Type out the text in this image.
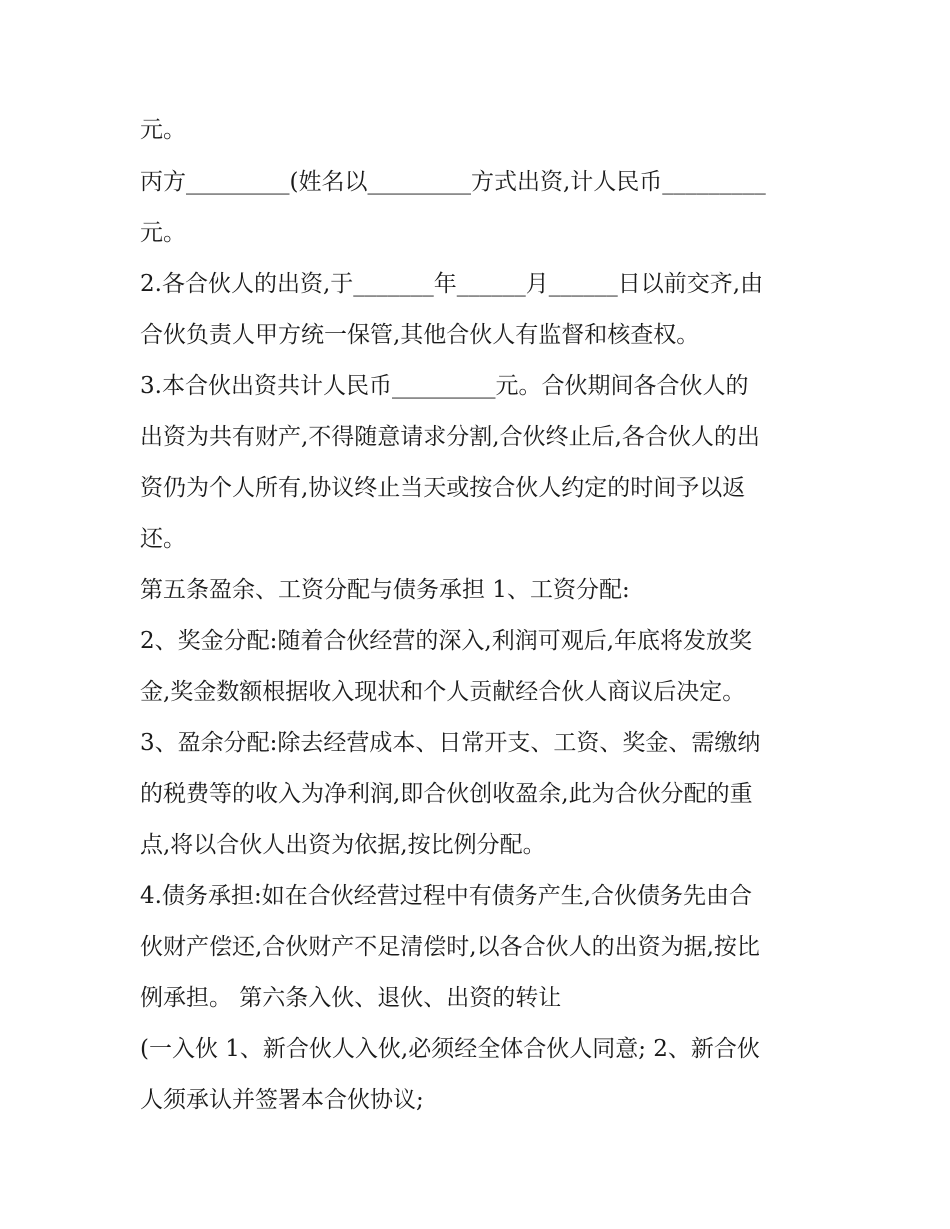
元。
丙方_________(姓名以_________方式出资,计人民币_________
元。
2.各合伙人的出资,于_______年______月______日以前交齐,由
合伙负责人甲方统一保管,其他合伙人有监督和核查权。
3.本合伙出资共计人民币_________元。合伙期间各合伙人的
出资为共有财产,不得随意请求分割,合伙终止后,各合伙人的出
资仍为个人所有,协议终止当天或按合伙人约定的时间予以返
还。
第五条盈余、工资分配与债务承担 1、工资分配:
2、奖金分配:随着合伙经营的深入,利润可观后,年底将发放奖
金,奖金数额根据收入现状和个人贡献经合伙人商议后决定。
3、盈余分配:除去经营成本、日常开支、工资、奖金、需缴纳
的税费等的收入为净利润,即合伙创收盈余,此为合伙分配的重
点,将以合伙人出资为依据,按比例分配。
4.债务承担:如在合伙经营过程中有债务产生,合伙债务先由合
伙财产偿还,合伙财产不足清偿时,以各合伙人的出资为据,按比
例承担。 第六条入伙、退伙、出资的转让
(一入伙 1、新合伙人入伙,必须经全体合伙人同意; 2、新合伙
人须承认并签署本合伙协议;
